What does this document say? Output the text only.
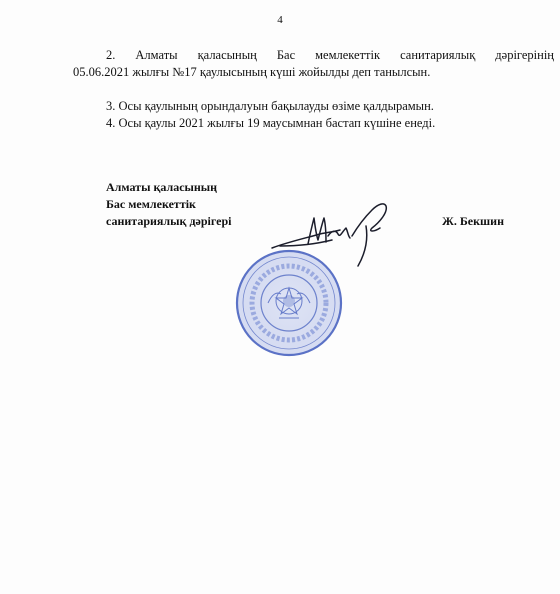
4
2. Алматы қаласының Бас мемлекеттік санитариялық дәрігерінің
05.06.2021 жылғы №17 қаулысының күші жойылды деп танылсын.
3. Осы қаулының орындалуын бақылауды өзіме қалдырамын.
4. Осы қаулы 2021 жылғы 19 маусымнан бастап күшіне енеді.
Алматы қаласының
Бас мемлекеттік
санитариялық дәрігері	Ж. Бекшин
